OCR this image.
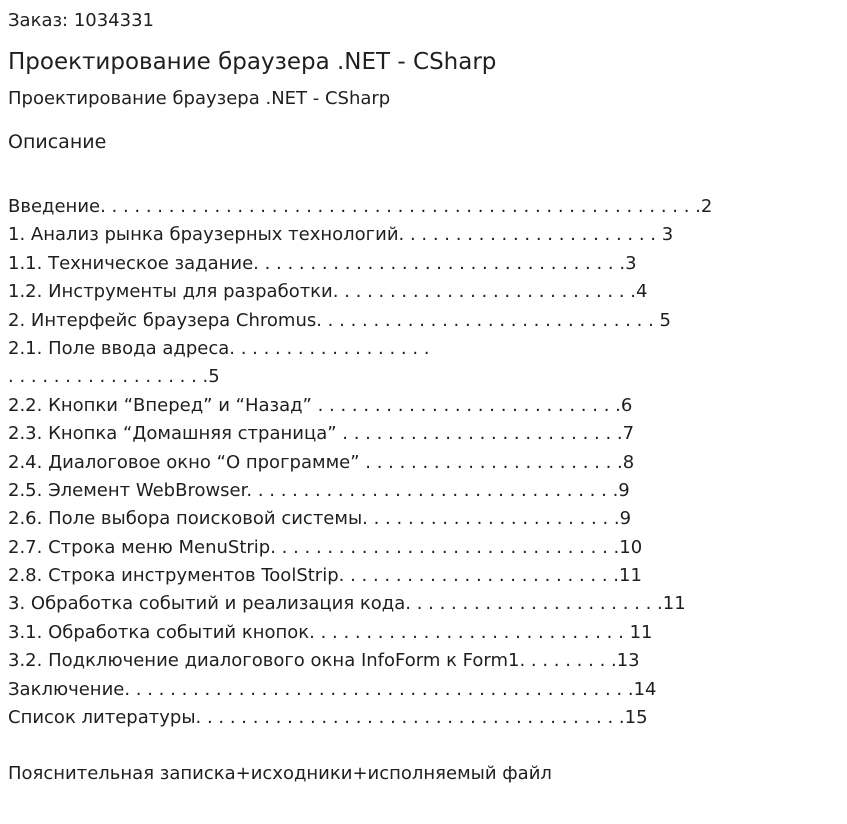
Заказ: 1034331
Проектирование браузера .NET - CSharp
Проектирование браузера .NET - CSharp
Описание
Введение. . . . . . . . . . . . . . . . . . . . . . . . . . . . . . . . . . . . . . . . . . . . . . . . . . . . .2
1. Анализ рынка браузерных технологий. . . . . . . . . . . . . . . . . . . . . . . 3
1.1. Техническое задание. . . . . . . . . . . . . . . . . . . . . . . . . . . . . . . . .3
1.2. Инструменты для разработки. . . . . . . . . . . . . . . . . . . . . . . . . . .4
2. Интерфейс браузера Chromus. . . . . . . . . . . . . . . . . . . . . . . . . . . . . . 5
2.1. Поле ввода адреса. . . . . . . . . . . . . . . . . .
. . . . . . . . . . . . . . . . . .5
2.2. Кнопки “Вперед” и “Назад” . . . . . . . . . . . . . . . . . . . . . . . . . . .6
2.3. Кнопка “Домашняя страница” . . . . . . . . . . . . . . . . . . . . . . . . .7
2.4. Диалоговое окно “О программе” . . . . . . . . . . . . . . . . . . . . . . .8
2.5. Элемент WebBrowser. . . . . . . . . . . . . . . . . . . . . . . . . . . . . . . . .9
2.6. Поле выбора поисковой системы. . . . . . . . . . . . . . . . . . . . . . .9
2.7. Строка меню MenuStrip. . . . . . . . . . . . . . . . . . . . . . . . . . . . . . .10
2.8. Строка инструментов ToolStrip. . . . . . . . . . . . . . . . . . . . . . . . .11
3. Обработка событий и реализация кода. . . . . . . . . . . . . . . . . . . . . . .11
3.1. Обработка событий кнопок. . . . . . . . . . . . . . . . . . . . . . . . . . . . 11
3.2. Подключение диалогового окна InfoForm к Form1. . . . . . . . .13
Заключение. . . . . . . . . . . . . . . . . . . . . . . . . . . . . . . . . . . . . . . . . . . . .14
Список литературы. . . . . . . . . . . . . . . . . . . . . . . . . . . . . . . . . . . . . .15
Пояснительная записка+исходники+исполняемый файл
